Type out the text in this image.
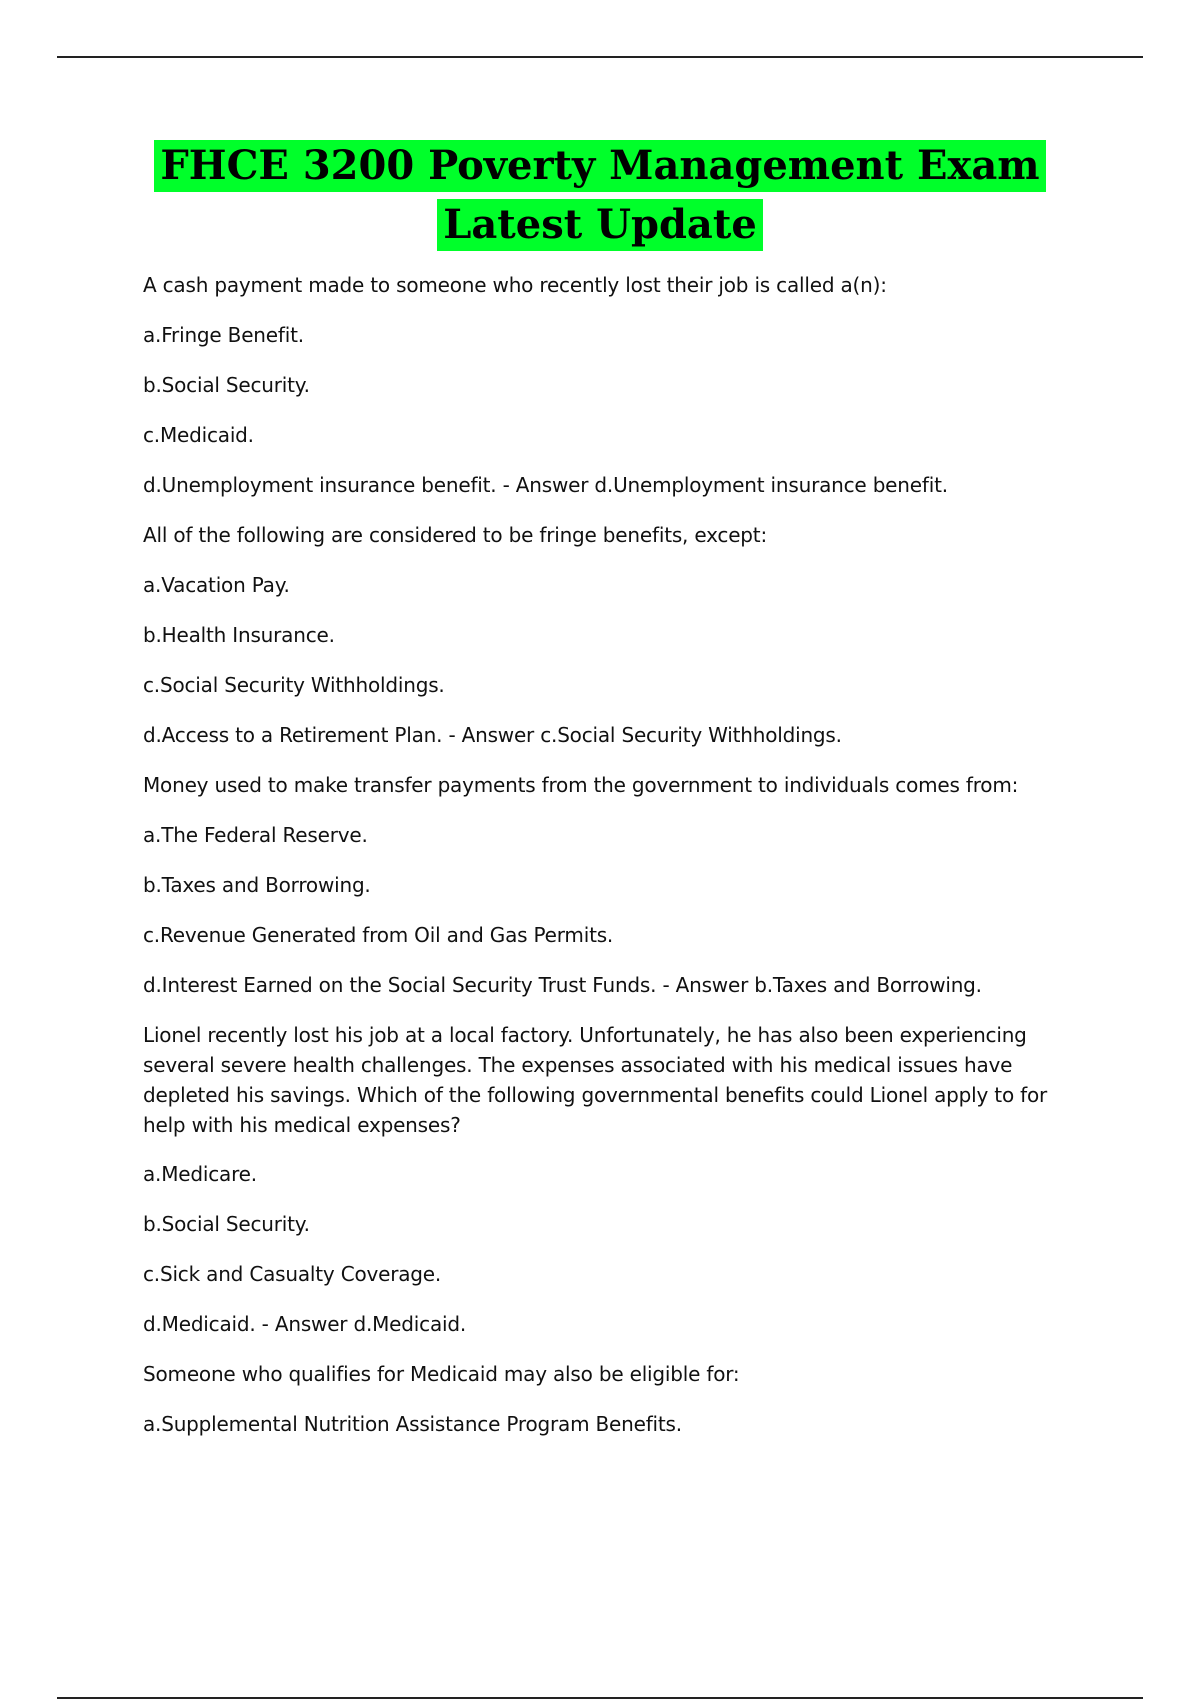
FHCE 3200 Poverty Management Exam
Latest Update

A cash payment made to someone who recently lost their job is called a(n):

a.Fringe Benefit.

b.Social Security.

c.Medicaid.

d.Unemployment insurance benefit. - Answer d.Unemployment insurance benefit.

All of the following are considered to be fringe benefits, except:

a.Vacation Pay.

b.Health Insurance.

c.Social Security Withholdings.

d.Access to a Retirement Plan. - Answer c.Social Security Withholdings.

Money used to make transfer payments from the government to individuals comes from:

a.The Federal Reserve.

b.Taxes and Borrowing.

c.Revenue Generated from Oil and Gas Permits.

d.Interest Earned on the Social Security Trust Funds. - Answer b.Taxes and Borrowing.

Lionel recently lost his job at a local factory. Unfortunately, he has also been experiencing several severe health challenges. The expenses associated with his medical issues have depleted his savings. Which of the following governmental benefits could Lionel apply to for help with his medical expenses?

a.Medicare.

b.Social Security.

c.Sick and Casualty Coverage.

d.Medicaid. - Answer d.Medicaid.

Someone who qualifies for Medicaid may also be eligible for:

a.Supplemental Nutrition Assistance Program Benefits.
